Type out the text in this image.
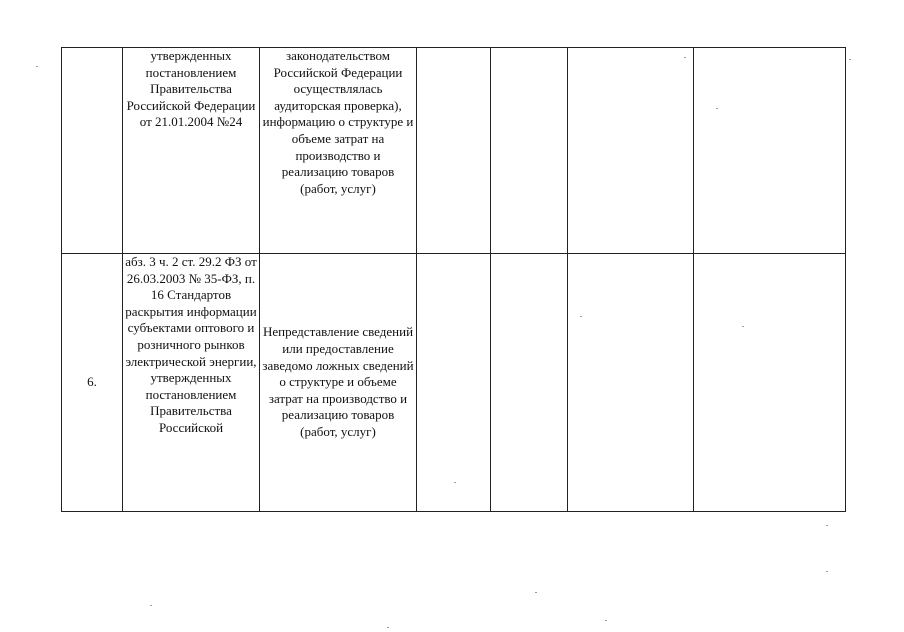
	утвержденных постановлением Правительства Российской Федерации от 21.01.2004 №24	законодательством Российской Федерации осуществлялась аудиторская проверка), информацию о структуре и объеме затрат на производство и реализацию товаров (работ, услуг)				

6.	абз. 3 ч. 2 ст. 29.2 ФЗ от 26.03.2003 № 35-ФЗ, п. 16 Стандартов раскрытия информации субъектами оптового и розничного рынков электрической энергии, утвержденных постановлением Правительства Российской	Непредставление сведений или предоставление заведомо ложных сведений о структуре и объеме затрат на производство и реализацию товаров (работ, услуг)				
